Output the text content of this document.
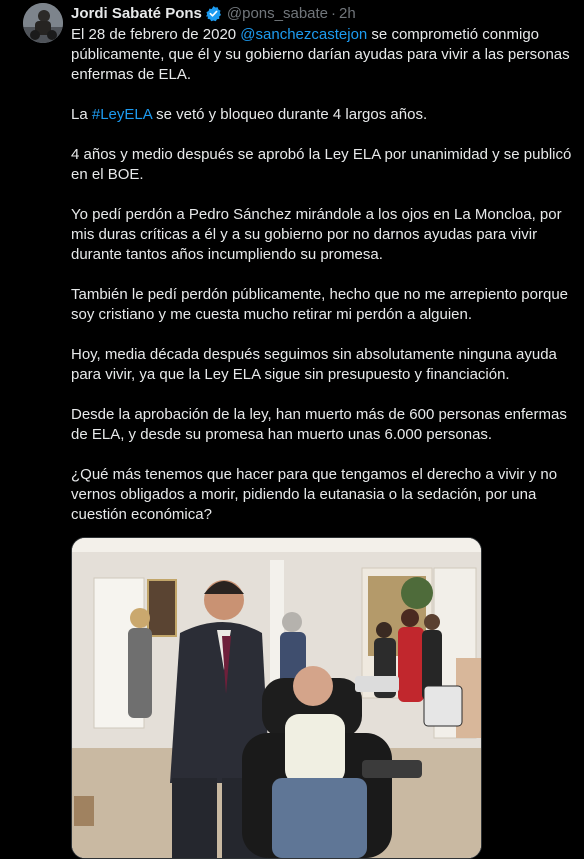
Jordi Sabaté Pons @pons_sabate · 2h

El 28 de febrero de 2020 @sanchezcastejon se comprometió conmigo públicamente, que él y su gobierno darían ayudas para vivir a las personas enfermas de ELA.

La #LeyELA se vetó y bloqueo durante 4 largos años.

4 años y medio después se aprobó la Ley ELA por unanimidad y se publicó en el BOE.

Yo pedí perdón a Pedro Sánchez mirándole a los ojos en La Moncloa, por mis duras críticas a él y a su gobierno por no darnos ayudas para vivir durante tantos años incumpliendo su promesa.

También le pedí perdón públicamente, hecho que no me arrepiento porque soy cristiano y me cuesta mucho retirar mi perdón a alguien.

Hoy, media década después seguimos sin absolutamente ninguna ayuda para vivir, ya que la Ley ELA sigue sin presupuesto y financiación.

Desde la aprobación de la ley, han muerto más de 600 personas enfermas de ELA, y desde su promesa han muerto unas 6.000 personas.

¿Qué más tenemos que hacer para que tengamos el derecho a vivir y no vernos obligados a morir, pidiendo la eutanasia o la sedación, por una cuestión económica?
